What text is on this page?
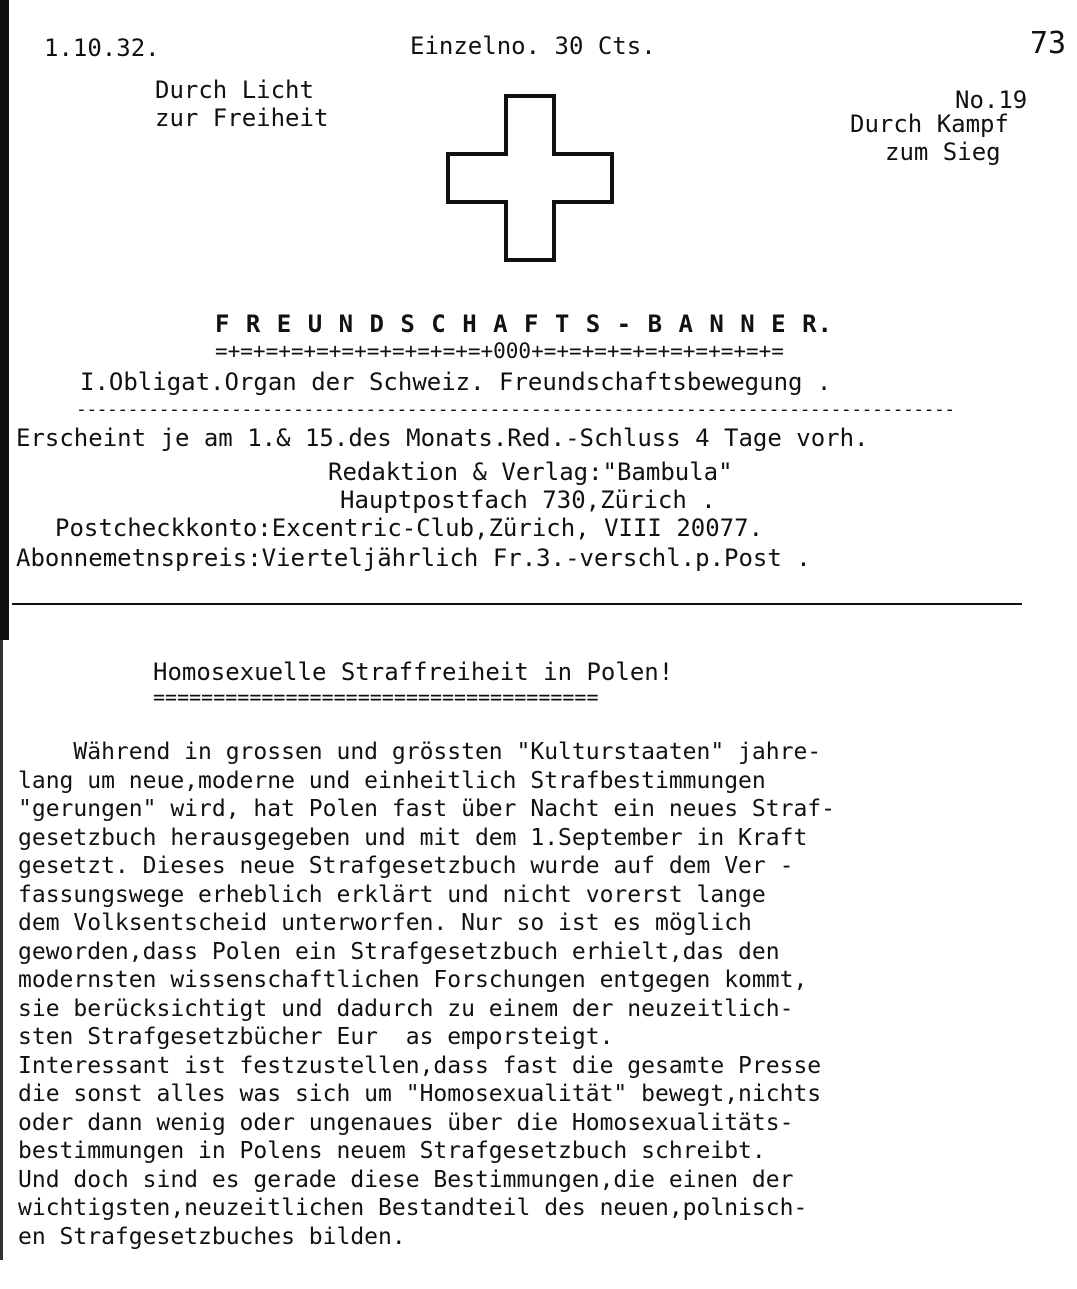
1.10.32.	Einzelno. 30 Cts.	73
Durch Licht
zur Freiheit
No.19
Durch Kampf
zum Sieg
F R E U N D S C H A F T S - B A N N E R.
=+=+=+=+=+=+=+=+=+=+=+000+=+=+=+=+=+=+=+=+=+=
I.Obligat.Organ der Schweiz. Freundschaftsbewegung .
-------------------------------------------------------------------------------------
Erscheint je am 1.& 15.des Monats.Red.-Schluss 4 Tage vorh.
Redaktion & Verlag:"Bambula"
Hauptpostfach 730,Zürich .
Postcheckkonto:Excentric-Club,Zürich, VIII 20077.
Abonnemetnspreis:Vierteljährlich Fr.3.-verschl.p.Post .
Homosexuelle Straffreiheit in Polen!
=====================================

Während in grossen und grössten "Kulturstaaten" jahre-

lang um neue,moderne und einheitlich Strafbestimmungen

"gerungen" wird, hat Polen fast über Nacht ein neues Straf-

gesetzbuch herausgegeben und mit dem 1.September in Kraft

gesetzt. Dieses neue Strafgesetzbuch wurde auf dem Ver -

fassungswege erheblich erklärt und nicht vorerst lange

dem Volksentscheid unterworfen. Nur so ist es möglich

geworden,dass Polen ein Strafgesetzbuch erhielt,das den

modernsten wissenschaftlichen Forschungen entgegen kommt,

sie berücksichtigt und dadurch zu einem der neuzeitlich-

sten Strafgesetzbücher Eur  as emporsteigt.

Interessant ist festzustellen,dass fast die gesamte Presse

die sonst alles was sich um "Homosexualität" bewegt,nichts

oder dann wenig oder ungenaues über die Homosexualitäts-

bestimmungen in Polens neuem Strafgesetzbuch schreibt.

Und doch sind es gerade diese Bestimmungen,die einen der

wichtigsten,neuzeitlichen Bestandteil des neuen,polnisch-

en Strafgesetzbuches bilden.
